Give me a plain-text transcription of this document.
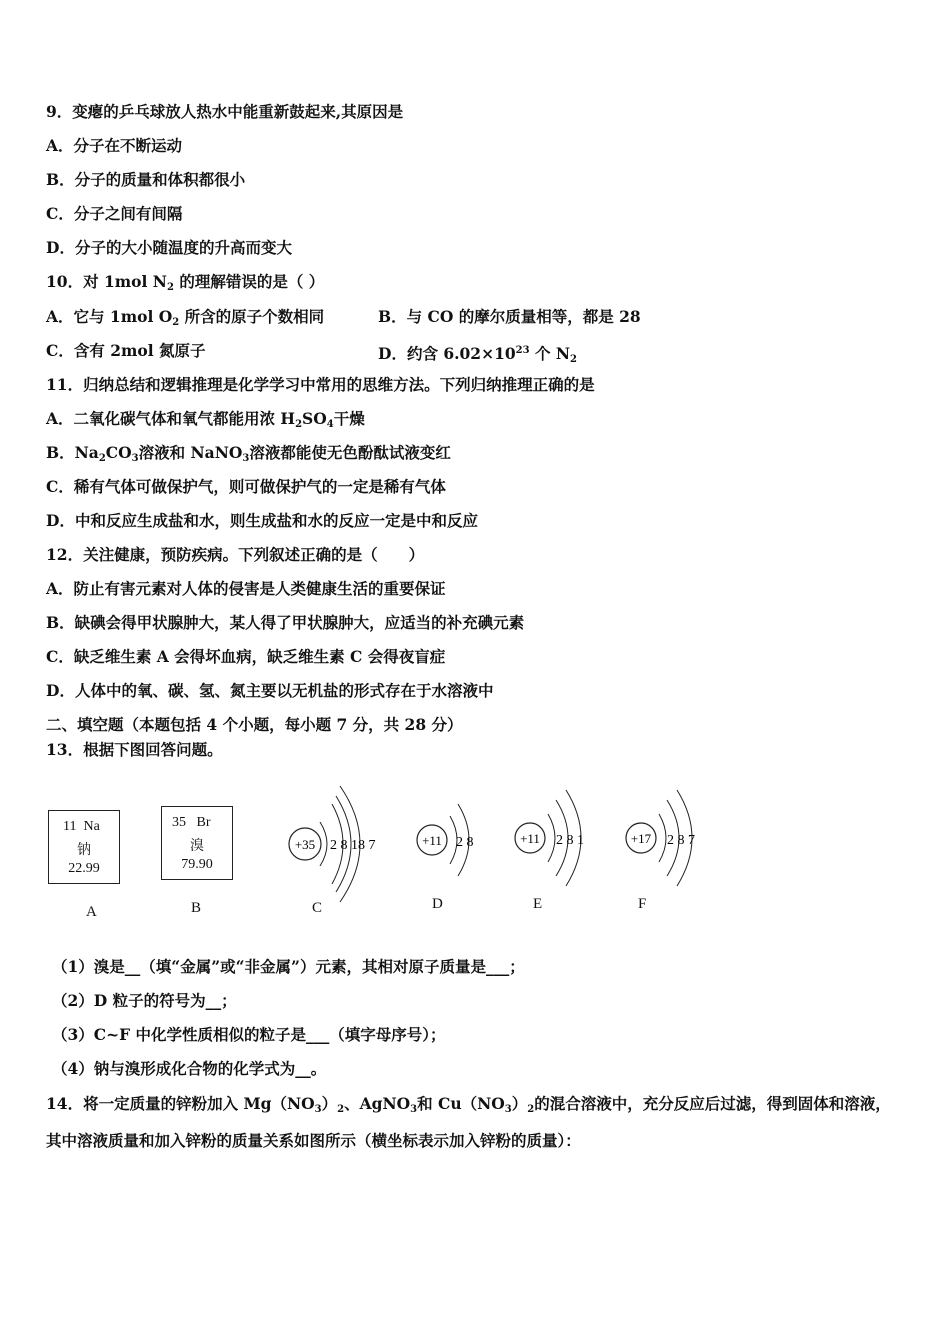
9．变瘪的乒乓球放人热水中能重新鼓起来,其原因是
A．分子在不断运动
B．分子的质量和体积都很小
C．分子之间有间隔
D．分子的大小随温度的升高而变大
10．对 1mol $N_2$ 的理解错误的是（ ）
A．它与 1mol $O_2$ 所含的原子个数相同	B．与 CO 的摩尔质量相等，都是 28
C．含有 2mol 氮原子	D．约含 $6.02\times 10^{23}$ 个 $N_2$
11．归纳总结和逻辑推理是化学学习中常用的思维方法。下列归纳推理正确的是
A．二氧化碳气体和氧气都能用浓 $H_2SO_4$干燥
B．$Na_2CO_3$溶液和 NaNO$_3$溶液都能使无色酚酞试液变红
C．稀有气体可做保护气，则可做保护气的一定是稀有气体
D．中和反应生成盐和水，则生成盐和水的反应一定是中和反应
12．关注健康，预防疾病。下列叙述正确的是（　　）
A．防止有害元素对人体的侵害是人类健康生活的重要保证
B．缺碘会得甲状腺肿大，某人得了甲状腺肿大，应适当的补充碘元素
C．缺乏维生素 A 会得坏血病，缺乏维生素 C 会得夜盲症
D．人体中的氧、碳、氢、氮主要以无机盐的形式存在于水溶液中
二、填空题（本题包括 4 个小题，每小题 7 分，共 28 分）
13．根据下图回答问题。
11 Na
钠
22.99
A
35 Br
溴
79.90
B
+35 2 8 18 7	+11 2 8	+11 2 8 1	+17 2 8 7
C	D	E	F
（1）溴是__（填“金属”或“非金属”）元素，其相对原子质量是___；
（2）D 粒子的符号为__；
（3）C~F 中化学性质相似的粒子是___（填字母序号）；
（4）钠与溴形成化合物的化学式为__。
14．将一定质量的锌粉加入 $Mg(NO_3)_2$、AgNO$_3$和 $Cu(NO_3)_2$的混合溶液中，充分反应后过滤，得到固体和溶液，
其中溶液质量和加入锌粉的质量关系如图所示（横坐标表示加入锌粉的质量）：
